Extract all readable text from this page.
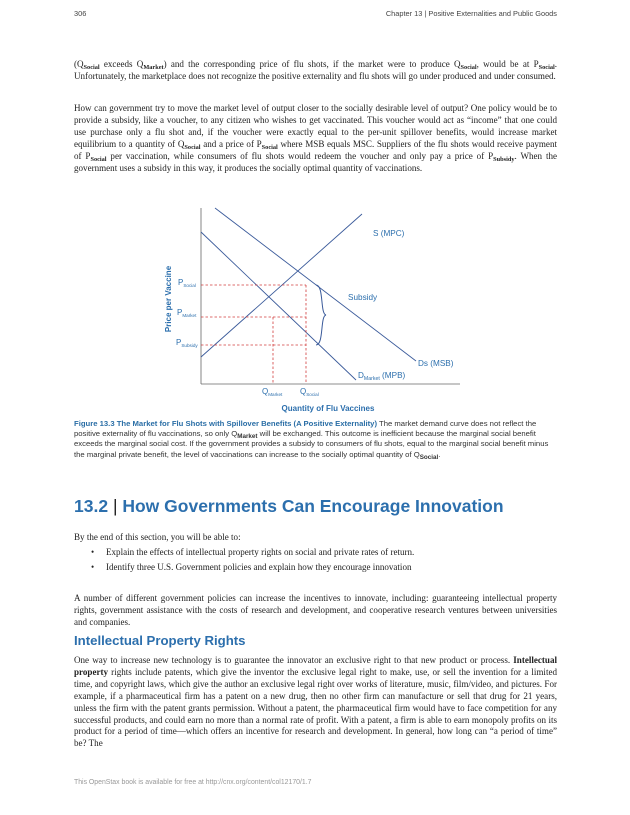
306	Chapter 13 | Positive Externalities and Public Goods

($Q_{Social}$ exceeds $Q_{Market}$) and the corresponding price of flu shots, if the market were to produce $Q_{Social}$, would be at $P_{Social}$. Unfortunately, the marketplace does not recognize the positive externality and flu shots will go under produced and under consumed.

How can government try to move the market level of output closer to the socially desirable level of output? One policy would be to provide a subsidy, like a voucher, to any citizen who wishes to get vaccinated. This voucher would act as “income” that one could use purchase only a flu shot and, if the voucher were exactly equal to the per-unit spillover benefits, would increase market equilibrium to a quantity of $Q_{Social}$ and a price of $P_{Social}$ where MSB equals MSC. Suppliers of the flu shots would receive payment of $P_{Social}$ per vaccination, while consumers of flu shots would redeem the voucher and only pay a price of $P_{Subsidy}$. When the government uses a subsidy in this way, it produces the socially optimal quantity of vaccinations.

S (MPC)
Subsidy
Ds (MSB)
$D_{Market}$ (MPB)
$P_{Social}$
$P_{Market}$
$P_{Subsidy}$
$Q_{Market}$ $Q_{Social}$
Price per Vaccine
Quantity of Flu Vaccines
Figure 13.3 The Market for Flu Shots with Spillover Benefits (A Positive Externality) The market demand curve does not reflect the positive externality of flu vaccinations, so only $Q_{Market}$ will be exchanged. This outcome is inefficient because the marginal social benefit exceeds the marginal social cost. If the government provides a subsidy to consumers of flu shots, equal to the marginal social benefit minus the marginal private benefit, the level of vaccinations can increase to the socially optimal quantity of $Q_{Social}$.
13.2 | How Governments Can Encourage Innovation

By the end of this section, you will be able to:

• Explain the effects of intellectual property rights on social and private rates of return.
• Identify three U.S. Government policies and explain how they encourage innovation

A number of different government policies can increase the incentives to innovate, including: guaranteeing intellectual property rights, government assistance with the costs of research and development, and cooperative research ventures between universities and companies.

Intellectual Property Rights

One way to increase new technology is to guarantee the innovator an exclusive right to that new product or process. Intellectual property rights include patents, which give the inventor the exclusive legal right to make, use, or sell the invention for a limited time, and copyright laws, which give the author an exclusive legal right over works of literature, music, film/video, and pictures. For example, if a pharmaceutical firm has a patent on a new drug, then no other firm can manufacture or sell that drug for 21 years, unless the firm with the patent grants permission. Without a patent, the pharmaceutical firm would have to face competition for any successful products, and could earn no more than a normal rate of profit. With a patent, a firm is able to earn monopoly profits on its product for a period of time—which offers an incentive for research and development. In general, how long can “a period of time” be? The

This OpenStax book is available for free at http://cnx.org/content/col12170/1.7
